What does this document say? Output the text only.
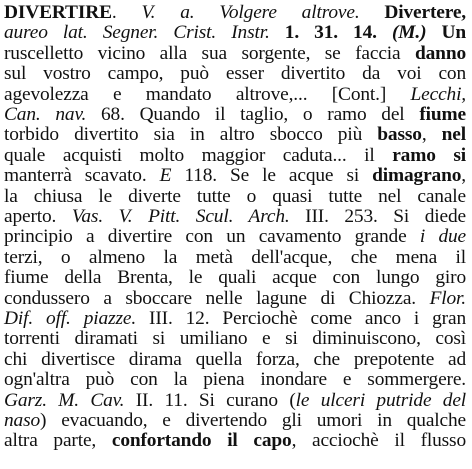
DIVERTIRE. V. a. Volgere altrove. Divertere,
aureo lat. Segner. Crist. Instr. 1. 31. 14. (M.) Un
ruscelletto vicino alla sua sorgente, se faccia danno
sul vostro campo, può esser divertito da voi con
agevolezza e mandato altrove,... [Cont.] Lecchi,
Can. nav. 68. Quando il taglio, o ramo del fiume
torbido divertito sia in altro sbocco più basso, nel
quale acquisti molto maggior caduta... il ramo si
manterrà scavato. E 118. Se le acque si dimagrano,
la chiusa le diverte tutte o quasi tutte nel canale
aperto. Vas. V. Pitt. Scul. Arch. III. 253. Si diede
principio a divertire con un cavamento grande i due
terzi, o almeno la metà dell'acque, che mena il
fiume della Brenta, le quali acque con lungo giro
condussero a sboccare nelle lagune di Chiozza. Flor.
Dif. off. piazze. III. 12. Perciochè come anco i gran
torrenti diramati si umiliano e si diminuiscono, così
chi divertisce dirama quella forza, che prepotente ad
ogn'altra può con la piena inondare e sommergere.
Garz. M. Cav. II. 11. Si curano (le ulceri putride del
naso) evacuando, e divertendo gli umori in qualche
altra parte, confortando il capo, acciochè il flusso
